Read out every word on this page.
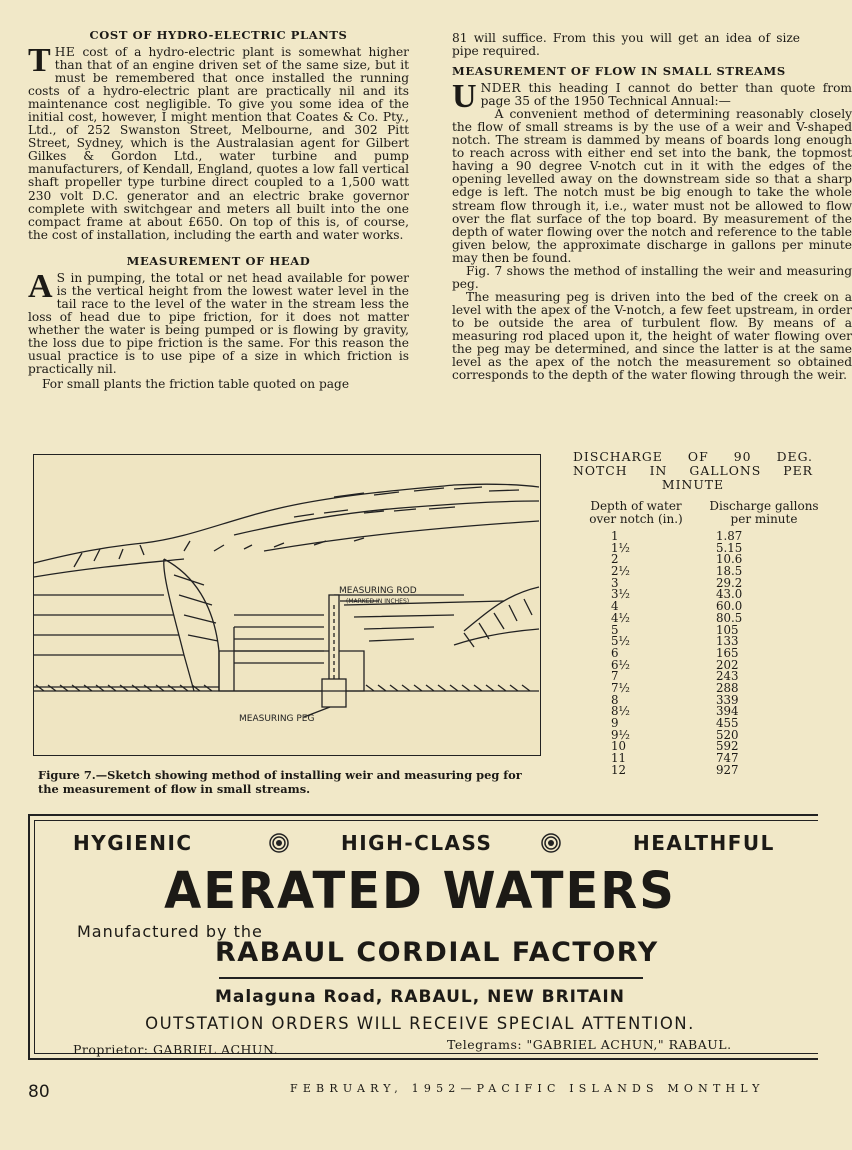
COST OF HYDRO-ELECTRIC PLANTS

THE cost of a hydro-electric plant is somewhat higher than that of an engine driven set of the same size, but it must be remembered that once installed the running costs of a hydro-electric plant are practically nil and its maintenance cost negligible. To give you some idea of the initial cost, however, I might mention that Coates & Co. Pty., Ltd., of 252 Swanston Street, Melbourne, and 302 Pitt Street, Sydney, which is the Australasian agent for Gilbert Gilkes & Gordon Ltd., water turbine and pump manufacturers, of Kendall, England, quotes a low fall vertical shaft propeller type turbine direct coupled to a 1,500 watt 230 volt D.C. generator and an electric brake governor complete with switchgear and meters all built into the one compact frame at about £650. On top of this is, of course, the cost of installation, including the earth and water works.

MEASUREMENT OF HEAD

A S in pumping, the total or net head available for power is the vertical height from the lowest water level in the tail race to the level of the water in the stream less the loss of head due to pipe friction, for it does not matter whether the water is being pumped or is flowing by gravity, the loss due to pipe friction is the same. For this reason the usual practice is to use pipe of a size in which friction is practically nil.

For small plants the friction table quoted on page

81 will suffice. From this you will get an idea of size pipe required.

MEASUREMENT OF FLOW IN SMALL STREAMS

UNDER this heading I cannot do better than quote from page 35 of the 1950 Technical Annual:—

A convenient method of determining reasonably closely the flow of small streams is by the use of a weir and V-shaped notch. The stream is dammed by means of boards long enough to reach across with either end set into the bank, the topmost having a 90 degree V-notch cut in it with the edges of the opening levelled away on the downstream side so that a sharp edge is left. The notch must be big enough to take the whole stream flow through it, i.e., water must not be allowed to flow over the flat surface of the top board. By measurement of the depth of water flowing over the notch and reference to the table given below, the approximate discharge in gallons per minute may then be found.

Fig. 7 shows the method of installing the weir and measuring peg.

The measuring peg is driven into the bed of the creek on a level with the apex of the V-notch, a few feet upstream, in order to be outside the area of turbulent flow. By means of a measuring rod placed upon it, the height of water flowing over the peg may be determined, and since the latter is at the same level as the apex of the notch the measurement so obtained corresponds to the depth of the water flowing through the weir.

MEASURING ROD
(MARKED IN INCHES)
MEASURING PEG
Figure 7.—Sketch showing method of installing weir and measuring peg for the measurement of flow in small streams.
DISCHARGE OF 90 DEG.
NOTCH IN GALLONS PER
MINUTE
Depth of water
over notch (in.)
Discharge gallons
per minute
1	1.87
1½	5.15
2	10.6
2½	18.5
3	29.2
3½	43.0
4	60.0
4½	80.5
5	105
5½	133
6	165
6½	202
7	243
7½	288
8	339
8½	394
9	455
9½	520
10	592
11	747
12	927
HYGIENIC	HIGH-CLASS	HEALTHFUL
AERATED WATERS
Manufactured by the
RABAUL CORDIAL FACTORY
Malaguna Road, RABAUL, NEW BRITAIN
OUTSTATION ORDERS WILL RECEIVE SPECIAL ATTENTION.
Proprietor: GABRIEL ACHUN.	Telegrams: "GABRIEL ACHUN," RABAUL.
80	FEBRUARY, 1952—PACIFIC ISLANDS MONTHLY
